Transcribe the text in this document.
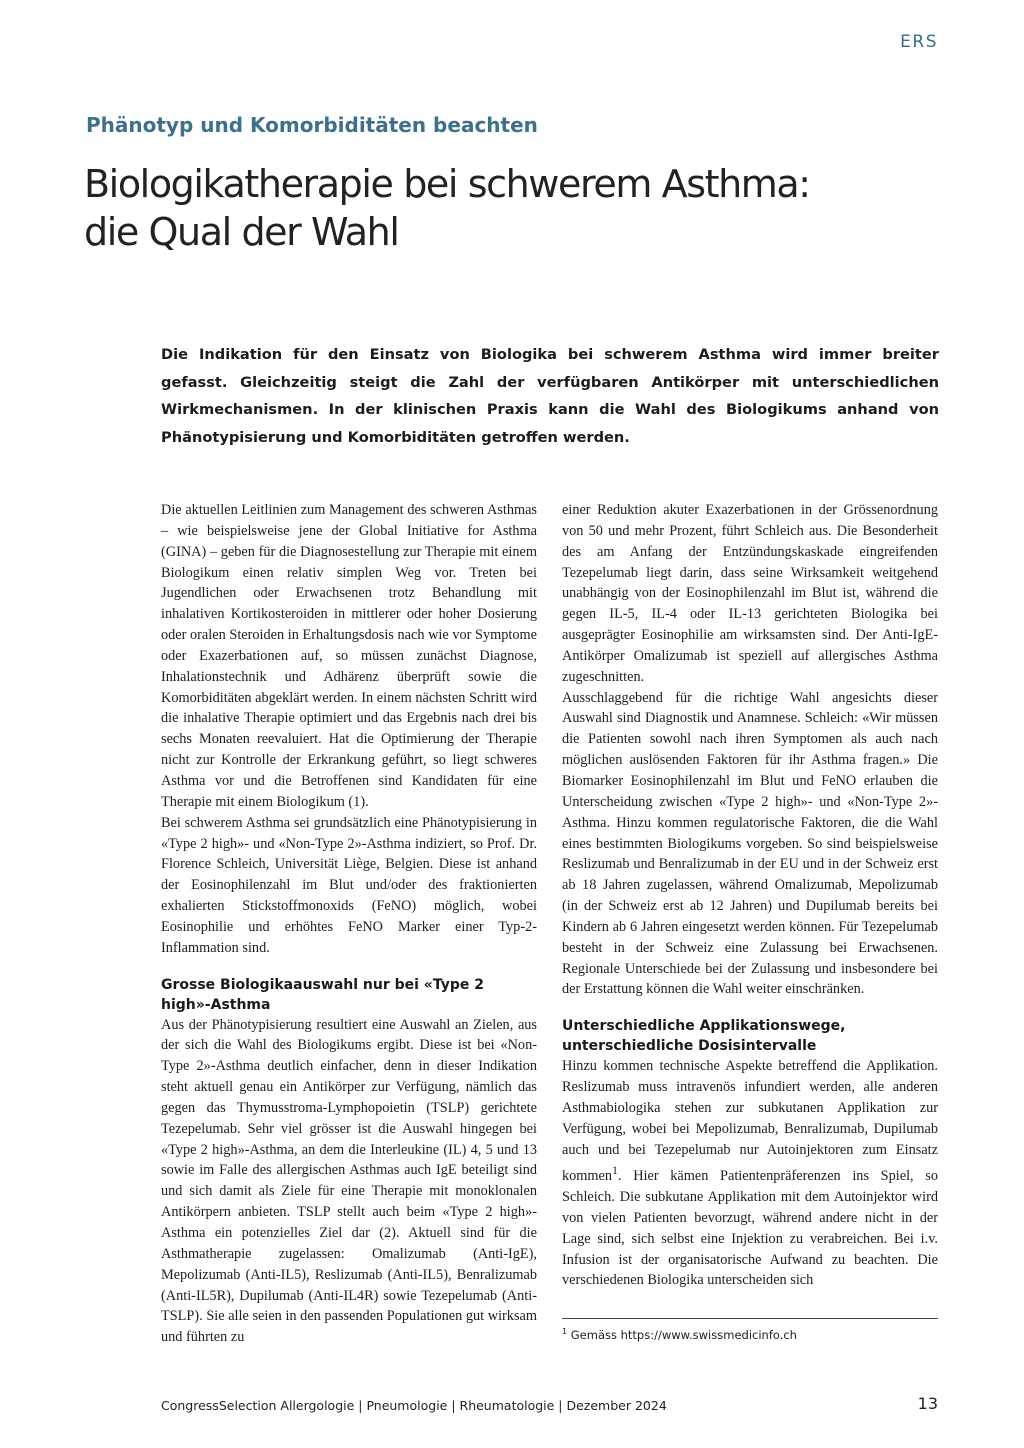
ERS
Phänotyp und Komorbiditäten beachten
Biologikatherapie bei schwerem Asthma:
die Qual der Wahl

Die Indikation für den Einsatz von Biologika bei schwerem Asthma wird immer breiter gefasst. Gleichzeitig steigt die Zahl der verfügbaren Antikörper mit unterschiedlichen Wirkmechanismen. In der klinischen Praxis kann die Wahl des Biologikums anhand von Phänotypisierung und Komorbiditäten getroffen werden.

Die aktuellen Leitlinien zum Management des schweren Asthmas – wie beispielsweise jene der Global Initiative for Asthma (GINA) – geben für die Diagnosestellung zur Therapie mit einem Biologikum einen relativ simplen Weg vor. Treten bei Jugendlichen oder Erwachsenen trotz Behandlung mit inhalativen Kortikosteroiden in mittlerer oder hoher Dosierung oder oralen Steroiden in Erhaltungsdosis nach wie vor Symptome oder Exazerbationen auf, so müssen zunächst Diagnose, Inhalationstechnik und Adhärenz überprüft sowie die Komorbiditäten abgeklärt werden. In einem nächsten Schritt wird die inhalative Therapie optimiert und das Ergebnis nach drei bis sechs Monaten reevaluiert. Hat die Optimierung der Therapie nicht zur Kontrolle der Erkrankung geführt, so liegt schweres Asthma vor und die Betroffenen sind Kandidaten für eine Therapie mit einem Biologikum (1).

Bei schwerem Asthma sei grundsätzlich eine Phänotypisierung in «Type 2 high»- und «Non-Type 2»-Asthma indiziert, so Prof. Dr. Florence Schleich, Universität Liège, Belgien. Diese ist anhand der Eosinophilenzahl im Blut und/oder des fraktionierten exhalierten Stickstoffmonoxids (FeNO) möglich, wobei Eosinophilie und erhöhtes FeNO Marker einer Typ-2-Inflammation sind.

Grosse Biologikaauswahl nur bei «Type 2 high»-Asthma

Aus der Phänotypisierung resultiert eine Auswahl an Zielen, aus der sich die Wahl des Biologikums ergibt. Diese ist bei «Non-Type 2»-Asthma deutlich einfacher, denn in dieser Indikation steht aktuell genau ein Antikörper zur Verfügung, nämlich das gegen das Thymusstroma-Lymphopoietin (TSLP) gerichtete Tezepelumab. Sehr viel grösser ist die Auswahl hingegen bei «Type 2 high»-Asthma, an dem die Interleukine (IL) 4, 5 und 13 sowie im Falle des allergischen Asthmas auch IgE beteiligt sind und sich damit als Ziele für eine Therapie mit monoklonalen Antikörpern anbieten. TSLP stellt auch beim «Type 2 high»-Asthma ein potenzielles Ziel dar (2). Aktuell sind für die Asthmatherapie zugelassen: Omalizumab (Anti-IgE), Mepolizumab (Anti-IL5), Reslizumab (Anti-IL5), Benralizumab (Anti-IL5R), Dupilumab (Anti-IL4R) sowie Tezepelumab (Anti-TSLP). Sie alle seien in den passenden Populationen gut wirksam und führten zu

einer Reduktion akuter Exazerbationen in der Grössenordnung von 50 und mehr Prozent, führt Schleich aus. Die Besonderheit des am Anfang der Entzündungskaskade eingreifenden Tezepelumab liegt darin, dass seine Wirksamkeit weitgehend unabhängig von der Eosinophilenzahl im Blut ist, während die gegen IL-5, IL-4 oder IL-13 gerichteten Biologika bei ausgeprägter Eosinophilie am wirksamsten sind. Der Anti-IgE-Antikörper Omalizumab ist speziell auf allergisches Asthma zugeschnitten.

Ausschlaggebend für die richtige Wahl angesichts dieser Auswahl sind Diagnostik und Anamnese. Schleich: «Wir müssen die Patienten sowohl nach ihren Symptomen als auch nach möglichen auslösenden Faktoren für ihr Asthma fragen.» Die Biomarker Eosinophilenzahl im Blut und FeNO erlauben die Unterscheidung zwischen «Type 2 high»- und «Non-Type 2»-Asthma. Hinzu kommen regulatorische Faktoren, die die Wahl eines bestimmten Biologikums vorgeben. So sind beispielsweise Reslizumab und Benralizumab in der EU und in der Schweiz erst ab 18 Jahren zugelassen, während Omalizumab, Mepolizumab (in der Schweiz erst ab 12 Jahren) und Dupilumab bereits bei Kindern ab 6 Jahren eingesetzt werden können. Für Tezepelumab besteht in der Schweiz eine Zulassung bei Erwachsenen. Regionale Unterschiede bei der Zulassung und insbesondere bei der Erstattung können die Wahl weiter einschränken.

Unterschiedliche Applikationswege, unterschiedliche Dosisintervalle

Hinzu kommen technische Aspekte betreffend die Applikation. Reslizumab muss intravenös infundiert werden, alle anderen Asthmabiologika stehen zur subkutanen Applikation zur Verfügung, wobei bei Mepolizumab, Benralizumab, Dupilumab auch und bei Tezepelumab nur Autoinjektoren zum Einsatz kommen$^1$. Hier kämen Patientenpräferenzen ins Spiel, so Schleich. Die subkutane Applikation mit dem Autoinjektor wird von vielen Patienten bevorzugt, während andere nicht in der Lage sind, sich selbst eine Injektion zu verabreichen. Bei i.v. Infusion ist der organisatorische Aufwand zu beachten. Die verschiedenen Biologika unterscheiden sich

$^1$ Gemäss https://www.swissmedicinfo.ch
CongressSelection Allergologie | Pneumologie | Rheumatologie | Dezember 2024	13
